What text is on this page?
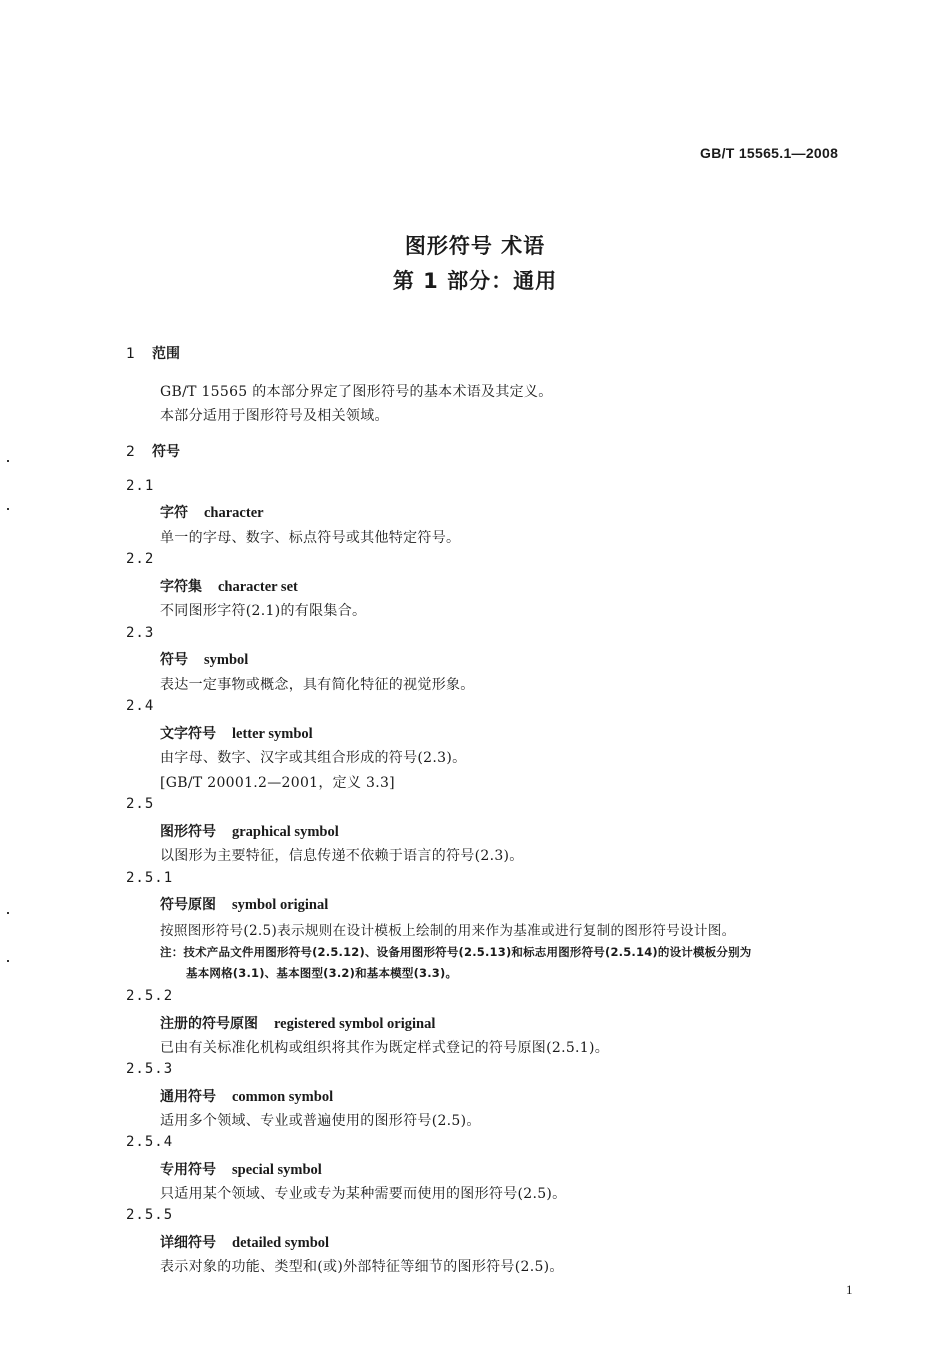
GB/T 15565.1—2008
图形符号 术语
第 1 部分：通用
1 范围
GB/T 15565 的本部分界定了图形符号的基本术语及其定义。
本部分适用于图形符号及相关领域。
2 符号
2.1
字符 character
单一的字母、数字、标点符号或其他特定符号。
2.2
字符集 character set
不同图形字符(2.1)的有限集合。
2.3
符号 symbol
表达一定事物或概念，具有简化特征的视觉形象。
2.4
文字符号 letter symbol
由字母、数字、汉字或其组合形成的符号(2.3)。
[GB/T 20001.2—2001，定义 3.3]
2.5
图形符号 graphical symbol
以图形为主要特征，信息传递不依赖于语言的符号(2.3)。
2.5.1
符号原图 symbol original
按照图形符号(2.5)表示规则在设计模板上绘制的用来作为基准或进行复制的图形符号设计图。
注：技术产品文件用图形符号(2.5.12)、设备用图形符号(2.5.13)和标志用图形符号(2.5.14)的设计模板分别为
基本网格(3.1)、基本图型(3.2)和基本模型(3.3)。
2.5.2
注册的符号原图 registered symbol original
已由有关标准化机构或组织将其作为既定样式登记的符号原图(2.5.1)。
2.5.3
通用符号 common symbol
适用多个领域、专业或普遍使用的图形符号(2.5)。
2.5.4
专用符号 special symbol
只适用某个领域、专业或专为某种需要而使用的图形符号(2.5)。
2.5.5
详细符号 detailed symbol
表示对象的功能、类型和(或)外部特征等细节的图形符号(2.5)。
1
